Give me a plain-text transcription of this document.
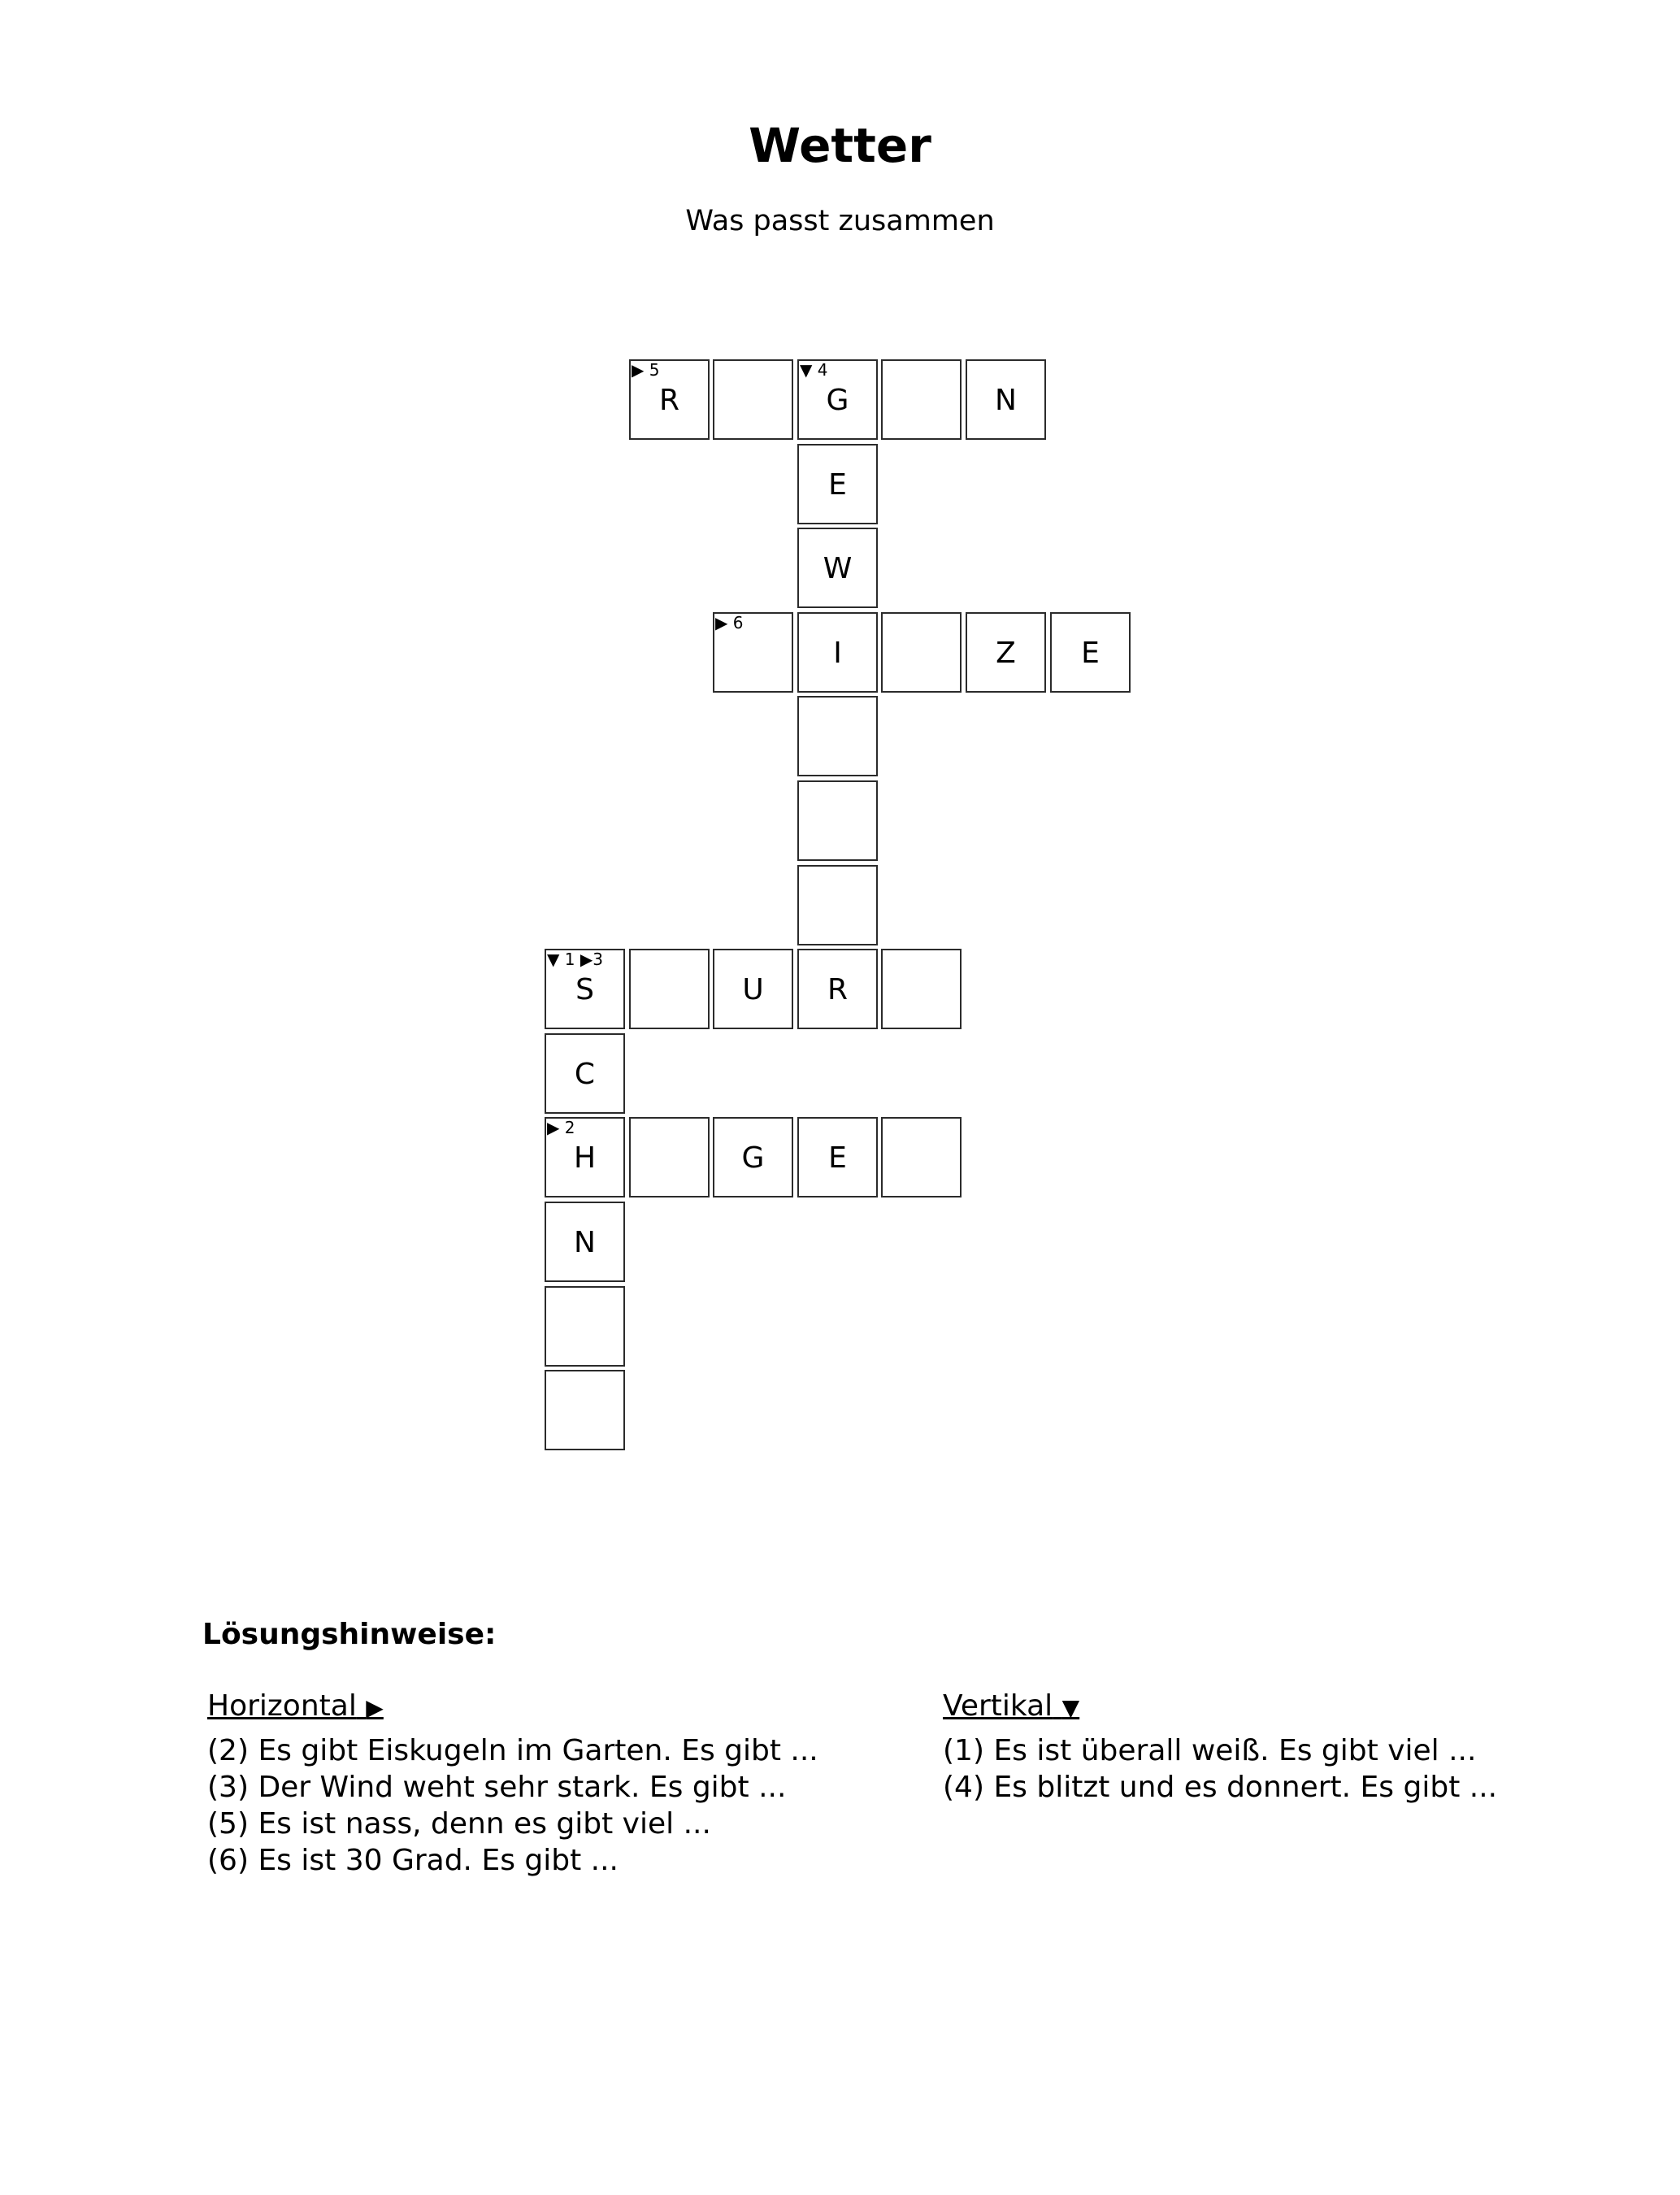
Wetter
Was passt zusammen
▶ 5
R
▼ 4
G	N
E
W
▶ 6
I	Z	E
▼ 1 ▶3
S	U	R
C
▶ 2
H	G	E
N
Lösungshinweise:
Horizontal ▶
(2) Es gibt Eiskugeln im Garten. Es gibt ...
(3) Der Wind weht sehr stark. Es gibt ...
(5) Es ist nass, denn es gibt viel ...
(6) Es ist 30 Grad. Es gibt ...
Vertikal ▼
(1) Es ist überall weiß. Es gibt viel ...
(4) Es blitzt und es donnert. Es gibt ...
